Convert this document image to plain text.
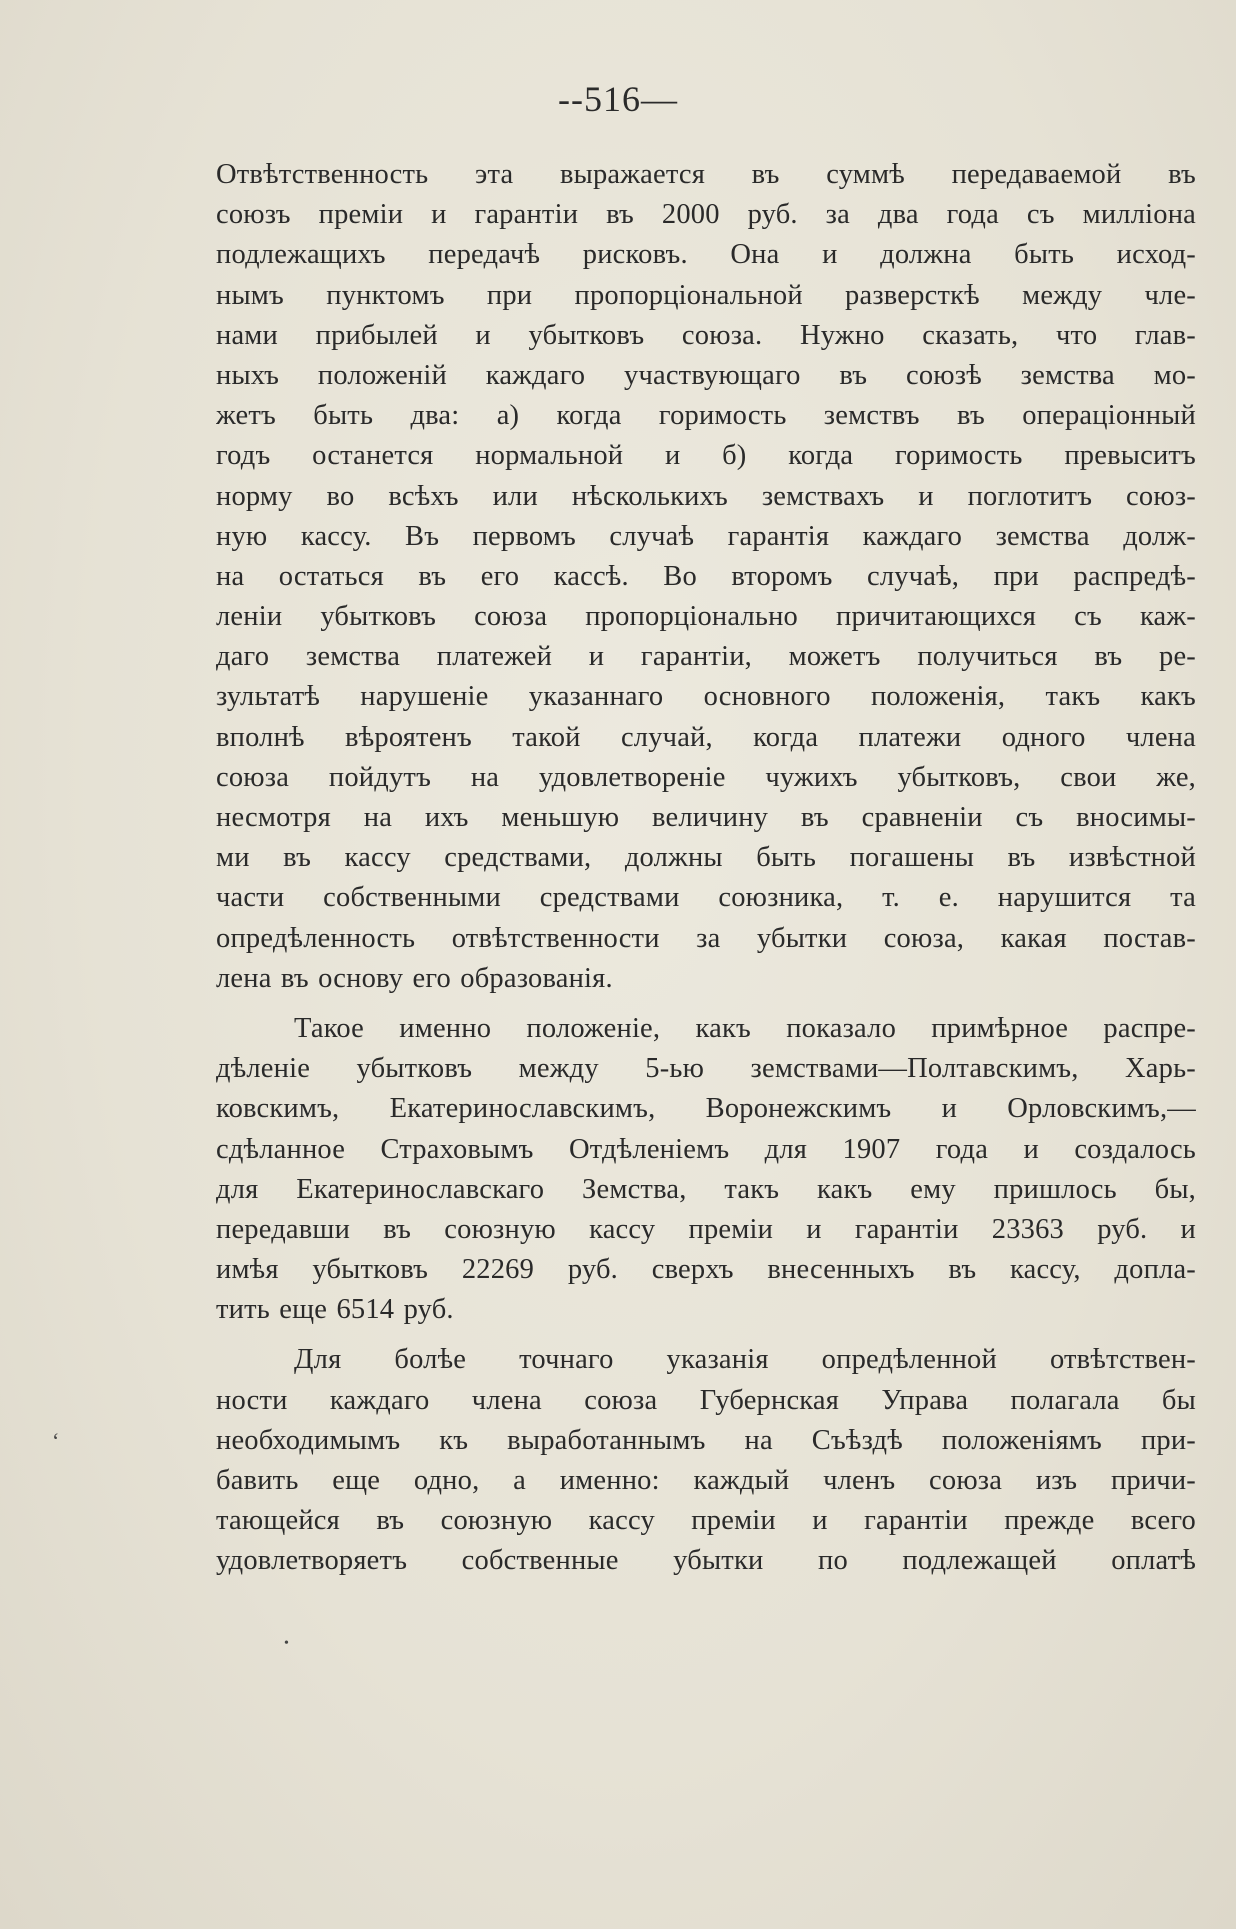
--516—
Отвѣтственность эта выражается въ суммѣ передаваемой въ
союзъ преміи и гарантіи въ 2000 руб. за два года съ милліона
подлежащихъ передачѣ рисковъ. Она и должна быть исход-
нымъ пунктомъ при пропорціональной разверсткѣ между чле-
нами прибылей и убытковъ союза. Нужно сказать, что глав-
ныхъ положеній каждаго участвующаго въ союзѣ земства мо-
жетъ быть два: а) когда горимость земствъ въ операціонный
годъ останется нормальной и б) когда горимость превыситъ
норму во всѣхъ или нѣсколькихъ земствахъ и поглотитъ союз-
ную кассу. Въ первомъ случаѣ гарантія каждаго земства долж-
на остаться въ его кассѣ. Во второмъ случаѣ, при распредѣ-
леніи убытковъ союза пропорціонально причитающихся съ каж-
даго земства платежей и гарантіи, можетъ получиться въ ре-
зультатѣ нарушеніе указаннаго основного положенія, такъ какъ
вполнѣ вѣроятенъ такой случай, когда платежи одного члена
союза пойдутъ на удовлетвореніе чужихъ убытковъ, свои же,
несмотря на ихъ меньшую величину въ сравненіи съ вносимы-
ми въ кассу средствами, должны быть погашены въ извѣстной
части собственными средствами союзника, т. е. нарушится та
опредѣленность отвѣтственности за убытки союза, какая постав-
лена въ основу его образованія.
Такое именно положеніе, какъ показало примѣрное распре-
дѣленіе убытковъ между 5-ью земствами—Полтавскимъ, Харь-
ковскимъ, Екатеринославскимъ, Воронежскимъ и Орловскимъ,—
сдѣланное Страховымъ Отдѣленіемъ для 1907 года и создалось
для Екатеринославскаго Земства, такъ какъ ему пришлось бы,
передавши въ союзную кассу преміи и гарантіи 23363 руб. и
имѣя убытковъ 22269 руб. сверхъ внесенныхъ въ кассу, допла-
тить еще 6514 руб.
Для болѣе точнаго указанія опредѣленной отвѣтствен-
ности каждаго члена союза Губернская Управа полагала бы
необходимымъ къ выработаннымъ на Съѣздѣ положеніямъ при-
бавить еще одно, а именно: каждый членъ союза изъ причи-
тающейся въ союзную кассу преміи и гарантіи прежде всего
удовлетворяетъ собственные убытки по подлежащей оплатѣ
ʻ
•
